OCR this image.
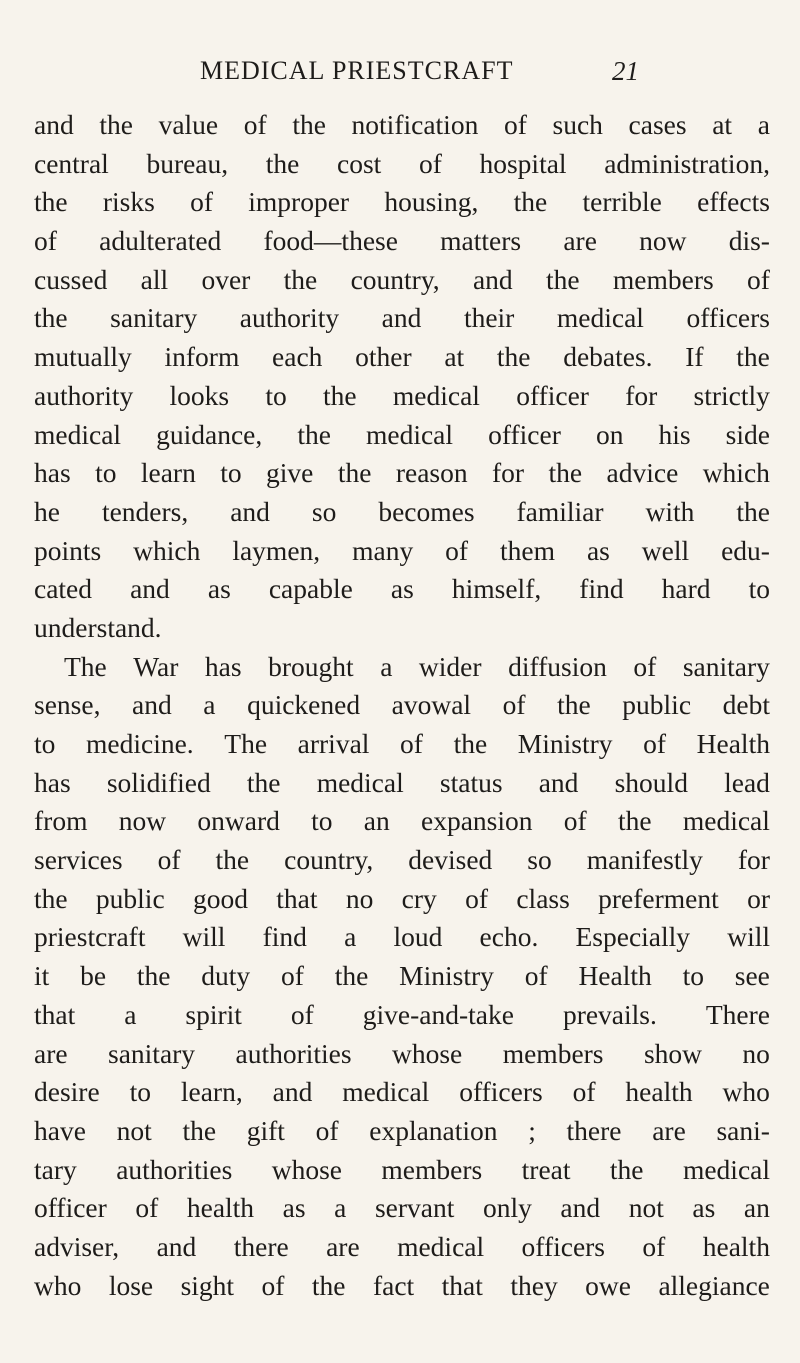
MEDICAL PRIESTCRAFT	21
and the value of the notification of such cases at a
central bureau, the cost of hospital administration,
the risks of improper housing, the terrible effects
of adulterated food—these matters are now dis-
cussed all over the country, and the members of
the sanitary authority and their medical officers
mutually inform each other at the debates. If the
authority looks to the medical officer for strictly
medical guidance, the medical officer on his side
has to learn to give the reason for the advice which
he tenders, and so becomes familiar with the
points which laymen, many of them as well edu-
cated and as capable as himself, find hard to
understand.
The War has brought a wider diffusion of sanitary
sense, and a quickened avowal of the public debt
to medicine. The arrival of the Ministry of Health
has solidified the medical status and should lead
from now onward to an expansion of the medical
services of the country, devised so manifestly for
the public good that no cry of class preferment or
priestcraft will find a loud echo. Especially will
it be the duty of the Ministry of Health to see
that a spirit of give-and-take prevails. There
are sanitary authorities whose members show no
desire to learn, and medical officers of health who
have not the gift of explanation ; there are sani-
tary authorities whose members treat the medical
officer of health as a servant only and not as an
adviser, and there are medical officers of health
who lose sight of the fact that they owe allegiance
